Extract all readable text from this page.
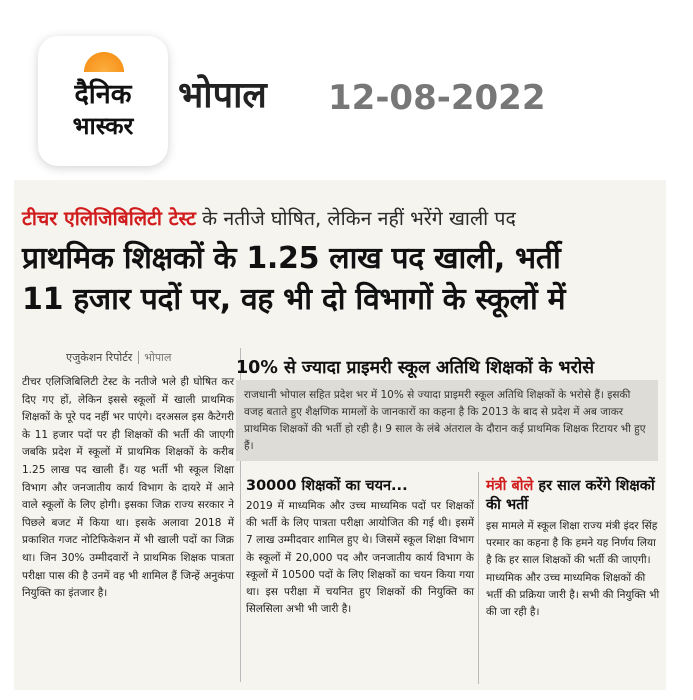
दैनिक
भास्कर
भोपाल 12-08-2022
टीचर एलिजिबिलिटी टेस्ट के नतीजे घोषित, लेकिन नहीं भरेंगे खाली पद
प्राथमिक शिक्षकों के 1.25 लाख पद खाली, भर्ती
11 हजार पदों पर, वह भी दो विभागों के स्कूलों में
एजुकेशन रिपोर्टर भोपाल
टीचर एलिजिबिलिटी टेस्ट के नतीजे भले ही घोषित कर दिए गए हों, लेकिन इससे स्कूलों में खाली प्राथमिक शिक्षकों के पूरे पद नहीं भर पाएंगे। दरअसल इस कैटेगरी के 11 हजार पदों पर ही शिक्षकों की भर्ती की जाएगी जबकि प्रदेश में स्कूलों में प्राथमिक शिक्षकों के करीब 1.25 लाख पद खाली हैं। यह भर्ती भी स्कूल शिक्षा विभाग और जनजातीय कार्य विभाग के दायरे में आने वाले स्कूलों के लिए होगी। इसका जिक्र राज्य सरकार ने पिछले बजट में किया था। इसके अलावा 2018 में प्रकाशित गजट नोटिफिकेशन में भी खाली पदों का जिक्र था। जिन 30% उम्मीदवारों ने प्राथमिक शिक्षक पात्रता परीक्षा पास की है उनमें वह भी शामिल हैं जिन्हें अनुकंपा नियुक्ति का इंतजार है।
10% से ज्यादा प्राइमरी स्कूल अतिथि शिक्षकों के भरोसे
राजधानी भोपाल सहित प्रदेश भर में 10% से ज्यादा प्राइमरी स्कूल अतिथि शिक्षकों के भरोसे हैं। इसकी वजह बताते हुए शैक्षणिक मामलों के जानकारों का कहना है कि 2013 के बाद से प्रदेश में अब जाकर प्राथमिक शिक्षकों की भर्ती हो रही है। 9 साल के लंबे अंतराल के दौरान कई प्राथमिक शिक्षक रिटायर भी हुए हैं।
30000 शिक्षकों का चयन...
2019 में माध्यमिक और उच्च माध्यमिक पदों पर शिक्षकों की भर्ती के लिए पात्रता परीक्षा आयोजित की गई थी। इसमें 7 लाख उम्मीदवार शामिल हुए थे। जिसमें स्कूल शिक्षा विभाग के स्कूलों में 20,000 पद और जनजातीय कार्य विभाग के स्कूलों में 10500 पदों के लिए शिक्षकों का चयन किया गया था। इस परीक्षा में चयनित हुए शिक्षकों की नियुक्ति का सिलसिला अभी भी जारी है।
मंत्री बोले हर साल करेंगे शिक्षकों की भर्ती
इस मामले में स्कूल शिक्षा राज्य मंत्री इंदर सिंह परमार का कहना है कि हमने यह निर्णय लिया है कि हर साल शिक्षकों की भर्ती की जाएगी। माध्यमिक और उच्च माध्यमिक शिक्षकों की भर्ती की प्रक्रिया जारी है। सभी की नियुक्ति भी की जा रही है।
